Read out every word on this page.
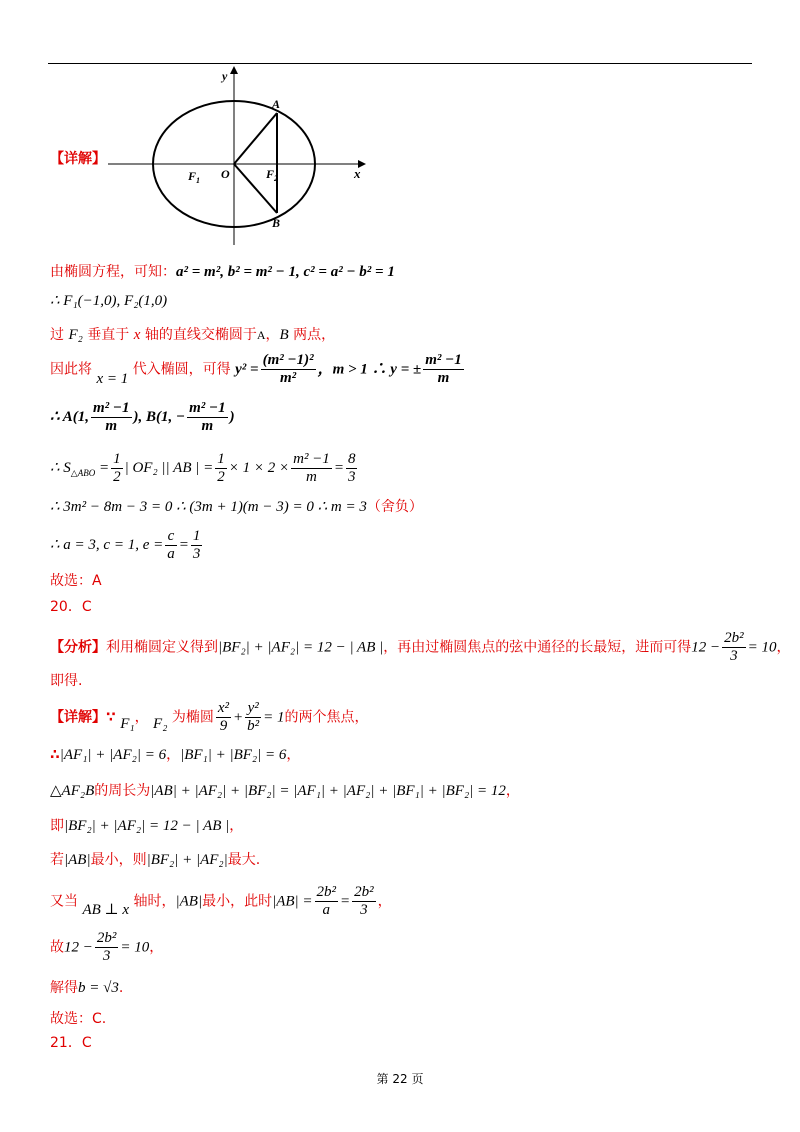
y
x
O
$F_1$	$F_2$
A
B
【详解】
由椭圆方程，可知：a² = m², b² = m² − 1, c² = a² − b² = 1
∴ F₁(−1,0), F₂(1,0)
过 F₂ 垂直于 x 轴的直线交椭圆于A，B 两点，
因此将 x = 1 代入椭圆，可得 $y^2 = \frac{\text{(m² −1)²}}{\text{m²}}$ ，m > 1 ∴ y = ± $\frac{\text{m² −1}}{m}$
∴ A(1, $\frac{\text{m² −1}}{m}$ ), B(1, − $\frac{\text{m² −1}}{m}$ )
∴ $S_{\triangle ABO} = \frac{1}{2}$ | OF₂ || AB | = $\frac{1}{2} \times 1 \times 2 \times \frac{\text{m² −1}}{m} = \frac{8}{3}$
∴ 3m² − 8m − 3 = 0 ∴ (3m + 1)(m − 3) = 0 ∴ m = 3（舍负）
∴ a = 3, c = 1, $e = \frac{c}{a} = \frac{1}{3}$
故选：A
20．C
【分析】利用椭圆定义得到|BF₂| + |AF₂| = 12 − | AB |，再由过椭圆焦点的弦中通径的长最短，进而可得$12 - \frac{\text{2b²}}{3} = 10$，
即得.
【详解】∵ F₁， F₂ 为椭圆 $\frac{\text{x²}}{9} + \frac{\text{y²}}{\text{b²}} = 1$的两个焦点，
∴|AF₁| + |AF₂| = 6，|BF₁| + |BF₂| = 6，
△AF₂B的周长为|AB| + |AF₂| + |BF₂| = |AF₁| + |AF₂| + |BF₁| + |BF₂| = 12，
即|BF₂| + |AF₂| = 12 − | AB |，
若|AB|最小，则|BF₂| + |AF₂|最大.
又当 AB ⊥ x 轴时，|AB|最小，此时$|AB| = \frac{\text{2b²}}{a} = \frac{\text{2b²}}{3}$ ，
故$12 - \frac{\text{2b²}}{3} = 10$，
解得b = √3.
故选：C.
21．C
第 22 页
